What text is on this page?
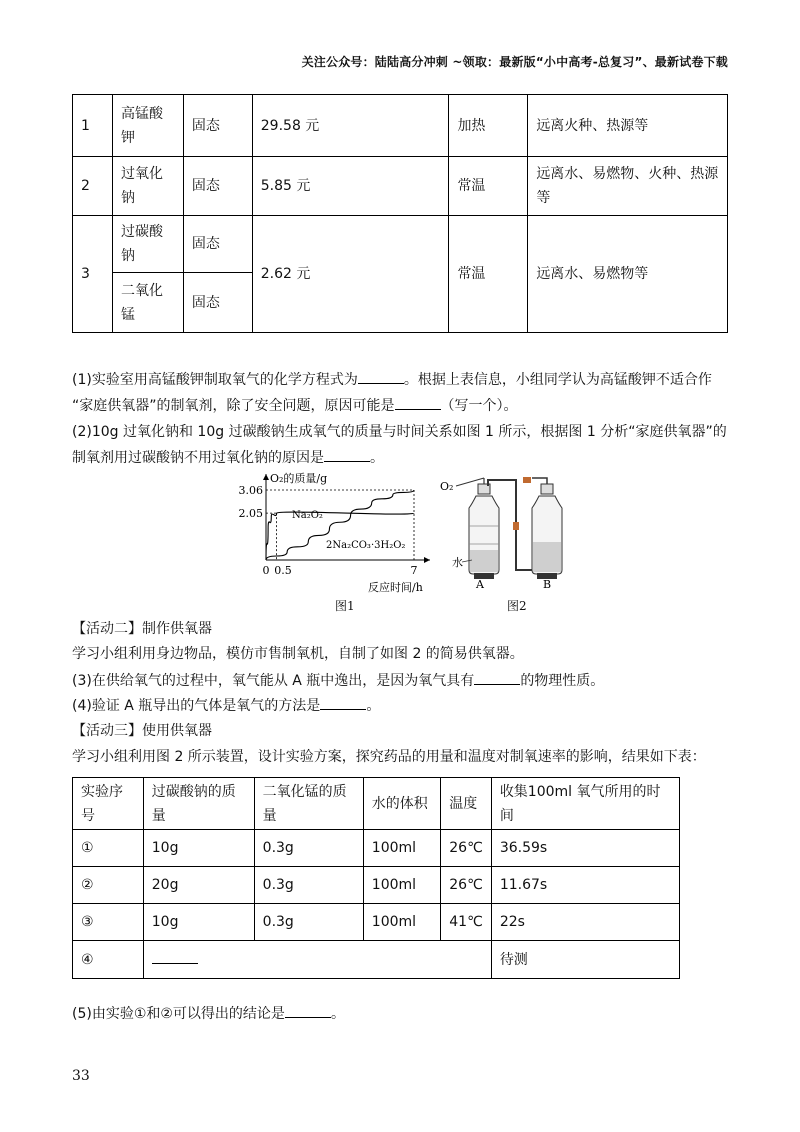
关注公众号：陆陆高分冲刺 ~领取：最新版“小中高考-总复习”、最新试卷下载
1	高锰酸钾	固态	29.58 元	加热	远离火种、热源等
2	过氧化钠	固态	5.85 元	常温	远离水、易燃物、火种、热源等
3	过碳酸钠	固态	2.62 元	常温	远离水、易燃物等
	二氧化锰	固态			
(1)实验室用高锰酸钾制取氧气的化学方程式为	。根据上表信息，小组同学认为高锰酸钾不适合作
“家庭供氧器”的制氧剂，除了安全问题，原因可能是	（写一个）。
(2)10g 过氧化钠和 10g 过碳酸钠生成氧气的质量与时间关系如图 1 所示，根据图 1 分析“家庭供氧器”的
制氧剂用过碳酸钠不用过氧化钠的原因是	。
O₂的质量/g
反应时间/h
3.06
2.05
0 0.5	7
Na₂O₂
2Na₂CO₃·3H₂O₂
图1
O₂
水
A	B
图2
【活动二】制作供氧器
学习小组利用身边物品，模仿市售制氧机，自制了如图 2 的简易供氧器。
(3)在供给氧气的过程中，氧气能从 A 瓶中逸出，是因为氧气具有	的物理性质。
(4)验证 A 瓶导出的气体是氧气的方法是	。
【活动三】使用供氧器
学习小组利用图 2 所示装置，设计实验方案，探究药品的用量和温度对制氧速率的影响，结果如下表：
实验序号	过碳酸钠的质量	二氧化锰的质量	水的体积	温度	收集100ml 氧气所用的时间
①	10g	0.3g	100ml	26℃	36.59s
②	20g	0.3g	100ml	26℃	11.67s
③	10g	0.3g	100ml	41℃	22s
④					待测
(5)由实验①和②可以得出的结论是	。
33
